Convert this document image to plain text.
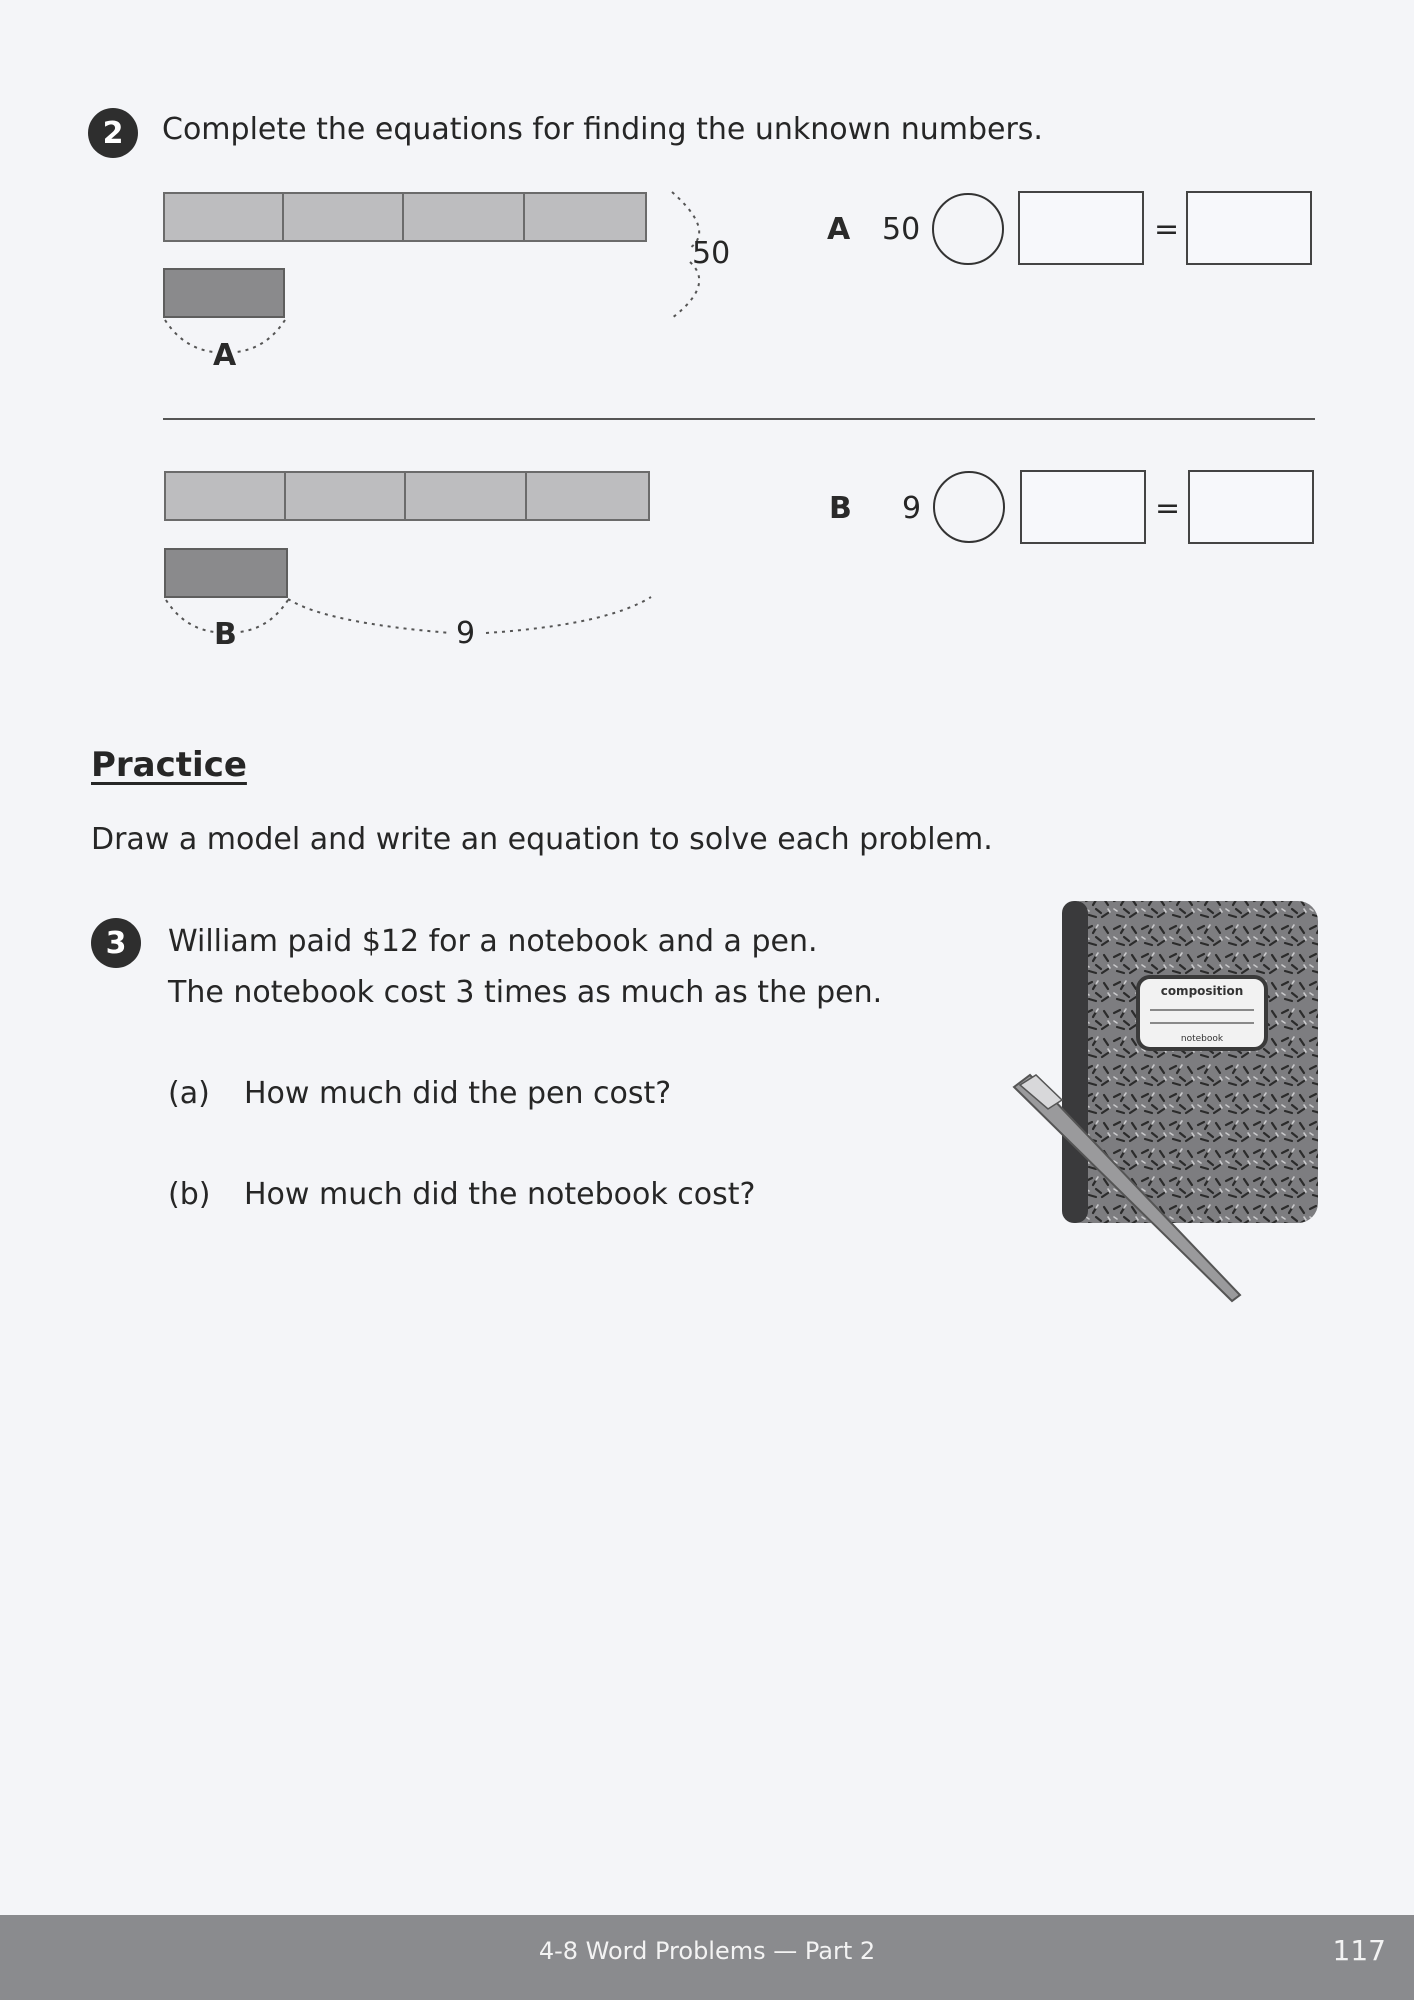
2	Complete the equations for finding the unknown numbers.
50
A
A 50	=
B	9
B 9	=
Practice
Draw a model and write an equation to solve each problem.
3	William paid $12 for a notebook and a pen.
The notebook cost 3 times as much as the pen.
(a) How much did the pen cost?
(b) How much did the notebook cost?
composition
notebook
4-8 Word Problems — Part 2	117
